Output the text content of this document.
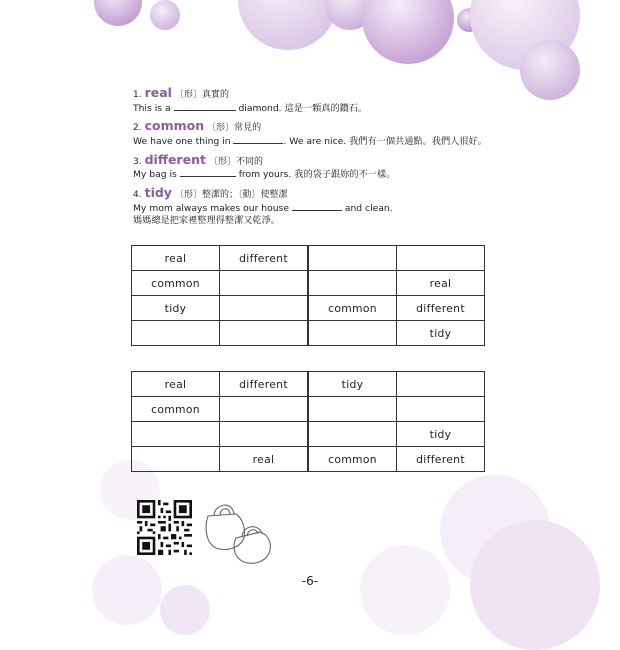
1. real 〔形〕真實的
This is a	diamond. 這是一顆真的鑽石。
2. common 〔形〕常見的
We have one thing in	. We are nice. 我們有一個共通點。我們人很好。
3. different 〔形〕不同的
My bag is	from yours. 我的袋子跟妳的不一樣。
4. tidy 〔形〕整潔的；〔動〕使整潔
My mom always makes our house	and clean.
媽媽總是把家裡整理得整潔又乾淨。
real	different		
common			real
tidy		common	different
			tidy
real	different	tidy	
common			
			tidy
	real	common	different
-6-
